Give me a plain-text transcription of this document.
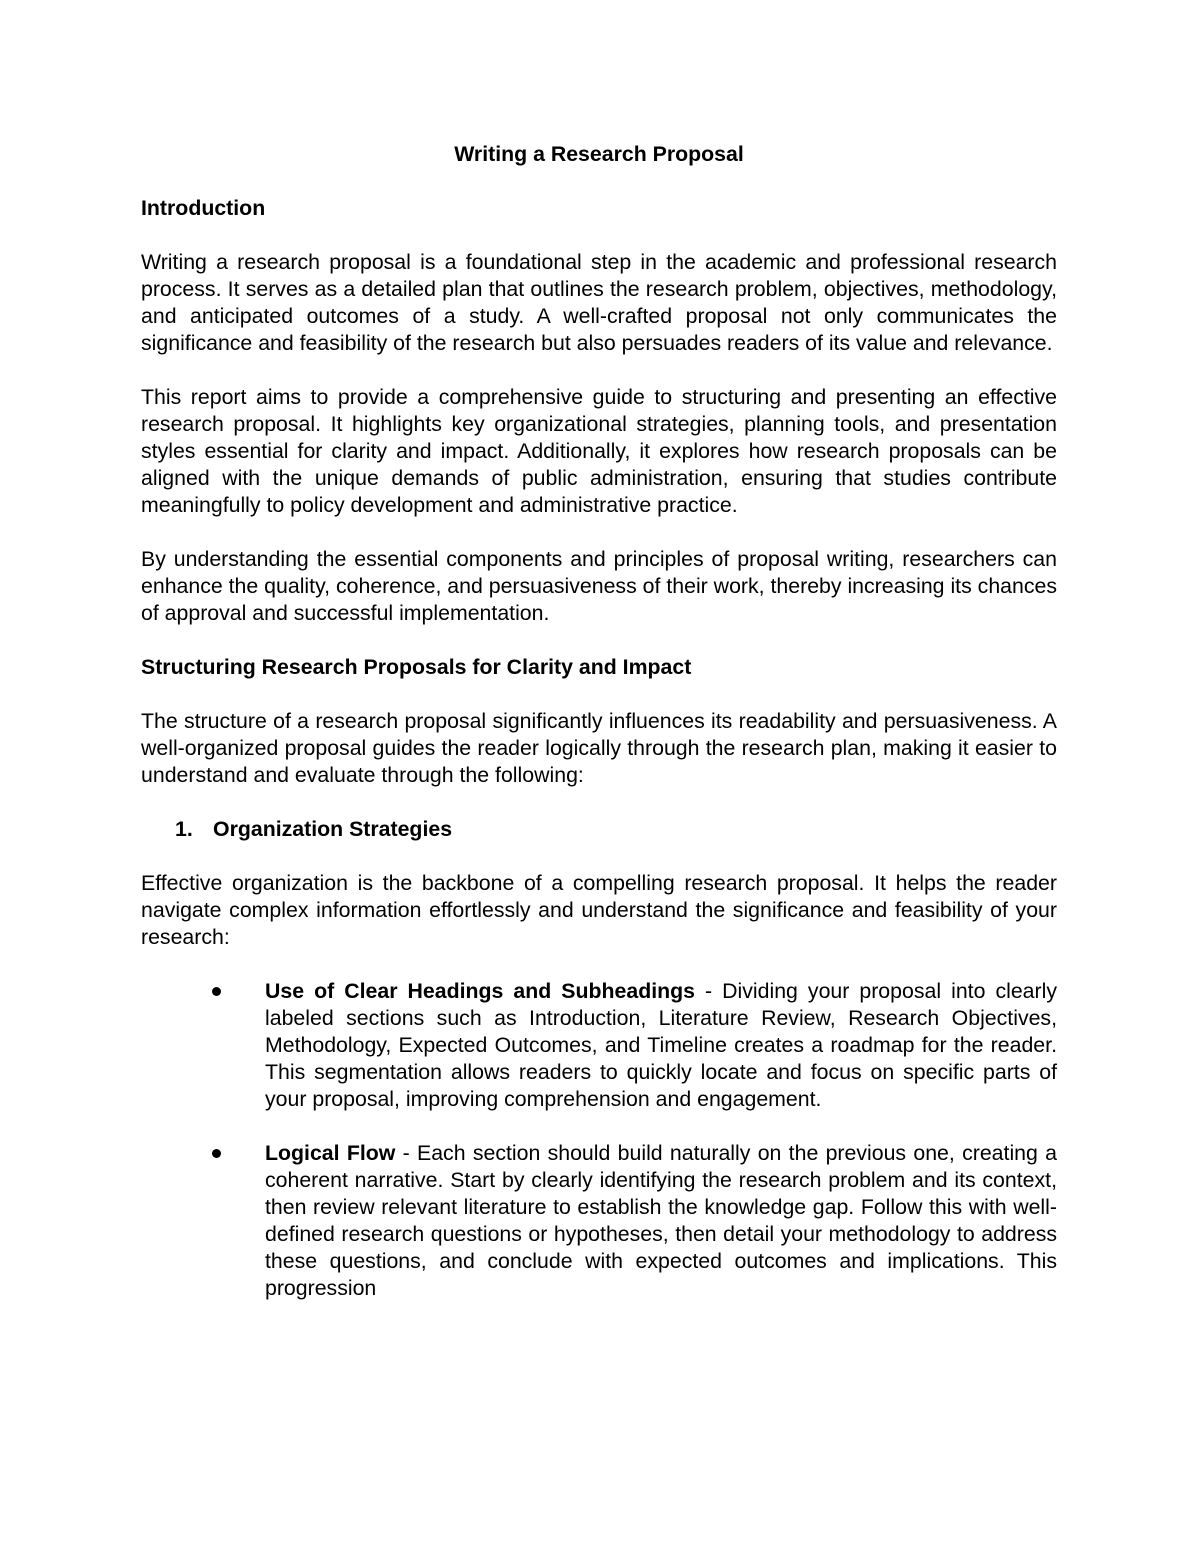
Writing a Research Proposal
Introduction

Writing a research proposal is a foundational step in the academic and professional research process. It serves as a detailed plan that outlines the research problem, objectives, methodology, and anticipated outcomes of a study. A well-crafted proposal not only communicates the significance and feasibility of the research but also persuades readers of its value and relevance.

This report aims to provide a comprehensive guide to structuring and presenting an effective research proposal. It highlights key organizational strategies, planning tools, and presentation styles essential for clarity and impact. Additionally, it explores how research proposals can be aligned with the unique demands of public administration, ensuring that studies contribute meaningfully to policy development and administrative practice.

By understanding the essential components and principles of proposal writing, researchers can enhance the quality, coherence, and persuasiveness of their work, thereby increasing its chances of approval and successful implementation.

Structuring Research Proposals for Clarity and Impact

The structure of a research proposal significantly influences its readability and persuasiveness. A well-organized proposal guides the reader logically through the research plan, making it easier to understand and evaluate through the following:

1. Organization Strategies

Effective organization is the backbone of a compelling research proposal. It helps the reader navigate complex information effortlessly and understand the significance and feasibility of your research:

Use of Clear Headings and Subheadings - Dividing your proposal into clearly labeled sections such as Introduction, Literature Review, Research Objectives, Methodology, Expected Outcomes, and Timeline creates a roadmap for the reader. This segmentation allows readers to quickly locate and focus on specific parts of your proposal, improving comprehension and engagement.
Logical Flow - Each section should build naturally on the previous one, creating a coherent narrative. Start by clearly identifying the research problem and its context, then review relevant literature to establish the knowledge gap. Follow this with well-defined research questions or hypotheses, then detail your methodology to address these questions, and conclude with expected outcomes and implications. This progression
